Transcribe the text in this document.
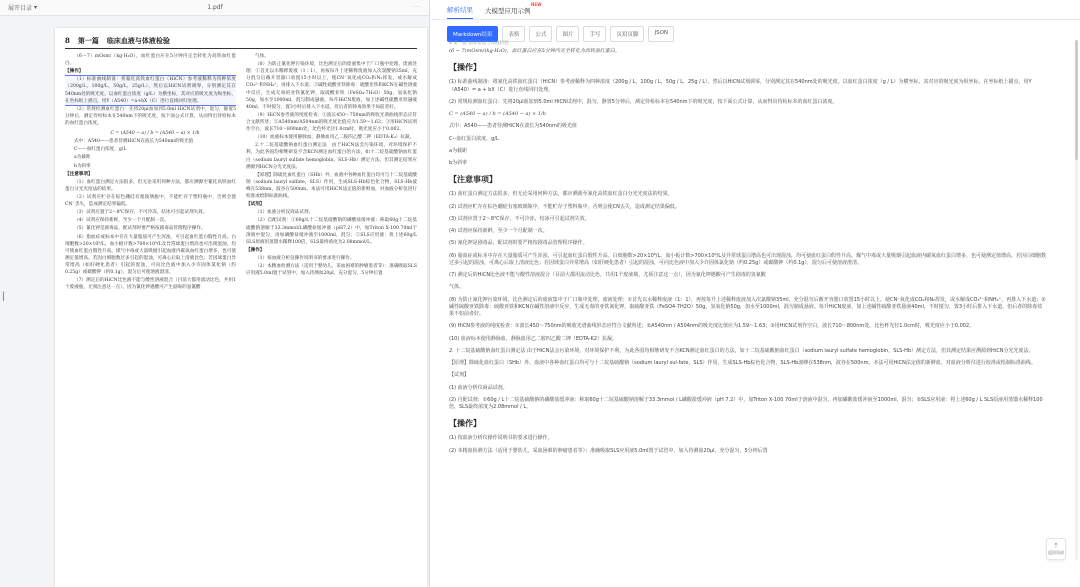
展开目录 ▾	1.pdf	···
▏
8 第一篇 临床血液与体液检验

（6～7）mOsm/（kg·H₂O），血红蛋白应在5分钟内完全转化为高铁血红蛋白。

【操作】

（1）标准曲线制备：将氰化高铁血红蛋白（HiCN）参考液稀释为四种浓度（200g/L，100g/L，50g/L，25g/L），然后以HiCN试剂调零，分别测定其在540nm处的吸光度。以血红蛋白浓度（g/L）为横坐标，其对应的吸光度为纵坐标，在坐标纸上描点，用Y（A540）=a+bX（C）进行直线回归处理。

（2）常规检测血红蛋白：先将20μl血加到5.0ml HiCN试剂中，混匀，静置5分钟后，测定待检标本在540nm下的吸光度，按下面公式计算，从而得出待检标本的血红蛋白浓度。

C = (A540 − a) / b = (A540 − a) × 1/b

式中：A540——患者待测HiCN在波长为540nm的吸光值

C——血红蛋白浓度，g/L

a为截距

b为斜率

【注意事项】

（1）血红蛋白测定方法很多，但无论采用何种方法，都应溯源至氰化高铁血红蛋白分光光度法的结果。

（2）试剂应贮存在棕色硼硅有塞玻璃瓶中，不能贮存于塑料瓶中，否则会使CN⁻丢失，造成测定结果偏低。

（3）试剂应置于2～8℃保存，不可冷冻，结冰可引起试剂失效。

（4）试剂应保持新鲜，至少一个月配制一次。

（5）氰化钾是剧毒品，配试剂时要严格按剧毒品管理程序操作。

（6）脂血症或标本中存在大量脂质可产生浑浊，可引起血红蛋白假性升高。白细胞数>20×10⁹/L、血小板计数>700×10⁹/L及异常球蛋白增高也可出现混浊，均可使血红蛋白假性升高。煤气中毒或大量吸烟引起血液内碳氧血红蛋白增多，也可使测定值增高。若因白细胞数过多引起的混浊，可离心后取上清液比色；若因球蛋白异常增高（如肝硬化患者）引起的混浊，可向比色液中加入少许固体氯化钠（约0.25g）或碳酸钾（约0.1g），混匀后可使溶液澄清。

（7）测定后的HiCN比色液不能与酸性溶液混合（目前大都用流动比色，共用1个废液瓶，尤须注意这一点），因为氰化钾遇酸可产生剧毒的氢氰酸

气体。

（8）为防止氰化钾污染环境，比色测定后的废液集中于广口瓶中处理。废液处理：①首先以水稀释废液（1∶1），再按每升上述稀释废液加入次氯酸钠35ml，充分混匀后敞开容器口放置15小时以上，使CN⁻氧化成CO₂和N₂挥发，或水解成CO₃²⁻和NH₄⁺，再排入下水道；②碱性硫酸亚铁除毒：硫酸亚铁和KCN在碱性溶液中反应，生成无毒的亚铁氰化钾，取硫酸亚铁（FeSO₄·7H₂O）50g，氢氧化钠50g，加水至1000ml，混匀制成悬液。每升HiCN废液，加上述碱性硫酸亚铁悬液40ml，不时搅匀，置3小时后排入下水道。但后者的除毒效果不如前者好。

（9）HiCN参考液的纯度检查：①波长450～750nm的吸收光谱曲线形态应符合文献所述；②A540nm/A504nm的吸光度比值应为1.59～1.63；③用HiCN试剂作空白，波长710～800nm处，比色杯光径1.0cm时，吸光度应小于0.002。

（10）血液标本使用静脉血，静脉血用乙二胺四乙酸二钾（EDTA-K₂）抗凝。

2.十二烷基硫酸钠血红蛋白测定法　由于HiCN法会污染环境，对环境保护不利，为此各国均相继研发不含KCN测定血红蛋白的方法，如十二烷基硫酸钠血红蛋白（sodium lauryl sulfate hemoglobin，SLS-Hb）测定方法，但其测定结果应溯源到HiCN分光光度法。

【原理】除硫化血红蛋白（SHb）外，血液中各种血红蛋白均可与十二烷基硫酸钠（sodium lauryl sulfate，SLS）作用，生成SLS-Hb棕色化合物，SLS-Hb波峰在538nm，波谷在500nm。本法可用HiCN法定值的新鲜血，对血液分析仪进行校准或绘制标准曲线。

【试剂】

（1）血液分析仪商品试剂。

（2）自配试剂：①60g/L十二烷基硫酸钠的磷酸盐缓冲液：称取60g十二烷基硫酸钠溶解于33.3mmol/L磷酸盐缓冲液（pH7.2）中，加Triton X-100 70ml于溶液中混匀，再加磷酸盐缓冲液至1000ml，混匀；②SLS应用液：将上述60g/L SLS原液用蒸馏水稀释100倍，SLS最终浓度为2.08mmol/L。

【操作】

（1）按血液分析仪操作说明书的要求进行操作。

（2）本精血检测方法（适用于婴幼儿、采血困难的肿瘤患者等）：准确吸取SLS应用液5.0ml置于试管中，加入待测血20μl，充分混匀，5分钟后置

解析结果 大模型应用示例
NEW
Markdown结果	表格	公式	图片	手写	页眉页脚	JSON
8 第一篇 临床血液与体液检验

(6 ∼ 7)mOsm/(kg·H₂O)，血红蛋白应在5分钟内完全转化为高铁血红蛋白。

【操作】

(1) 标准曲线制备：将氰化高铁血红蛋白（HiCN）参考液稀释为四种浓度（200g / L，100g / L，50g / L，25g / L），然后以HiCN试剂调零，分别测定其在540nm处的吸光度。以血红蛋白浓度（g / L）为横坐标，其对应的吸光度为纵坐标，在坐标纸上描点，用Y（A540）= a + bX（C）进行直线回归处理。

(2) 常规检测血红蛋白：先将20μl血加到5.0ml HiCN试剂中，混匀，静置5分钟后，测定待检标本在540nm下的吸光度，按下面公式计算，从而得出待检标本的血红蛋白浓度。

C = (A540 − a) / b = (A540 − a) × 1/b

式中：A540——患者待测HiCN在波长为540nm的吸光值

C--血红蛋白浓度，g/L

a为截距

b为斜率

【注意事项】

(1) 血红蛋白测定方法很多，但无论采用何种方法，都应溯源至氰化高铁血红蛋白分光光度法的结果。

(2) 试剂应贮存在棕色硼硅有塞玻璃瓶中，不能贮存于塑料瓶中，否则会使CN丢失，造成测定结果偏低。

(3) 试剂应置于2～8℃保存，不可冷冻，结冰可引起试剂失效。

(4) 试剂应保持新鲜，至少一个月配制一次。

(5) 氰化钾是剧毒品，配试剂时要严格按剧毒品管理程序操作。

(6) 脂血症或标本中存在大量脂质可产生浑浊，可引起血红蛋白假性升高。白细胞数>20×10⁹/L、血小板计数>700×10⁹/L及异常球蛋白增高也可出现混浊，均可使血红蛋白假性升高。煤气中毒或大量吸烟引起血液内碳氧血红蛋白增多，也可使测定值增高。若因白细胞数过多引起的混浊，可离心后取上清液比色；若因球蛋白异常增高（如肝硬化患者）引起的混浊，可向比色液中加入少许固体氯化钠（约0.25g）或碳酸钾（约0.1g），混匀后可使溶液澄清。

(7) 测定后的HiCN比色液不能与酸性溶液混合（目前大都用流动比色，共用1个废液瓶，尤须注意这一点），因为氰化钾遇酸可产生剧毒的氢氰酸

气体。

(8) 为防止氰化钾污染环境，比色测定后的废液集中于广口瓶中处理。废液处理：①首先以水稀释废液（1：1），再按每升上述稀释废液加入次氯酸钠35ml，充分混匀后敞开容器口放置15小时以上，使CN⁻氧化成CO₂和N₂挥发，或水解成CO₃²⁻和NH₄⁺，再排入下水道；②碱性硫酸亚铁除毒：硫酸亚铁和KCN在碱性溶液中反应，生成无毒的亚铁氰化钾，取硫酸亚铁（FeSO4·7H2O）50g，氢氧化钠50g，加水至1000ml，混匀制成悬液。每升HiCN废液，加上述碱性硫酸亚铁悬液40ml，不时搅匀，置3小时后排入下水道。但后者的除毒效果不如前者好。

(9) HiCN参考液的纯度检查：①波长450～750nm的吸收光谱曲线形态应符合文献所述；②A540nm / A504nm的吸光度比值应为1.59～1.63；③用HiCN试剂作空白，波长710～800nm处，比色杯光径1.0cm时，吸光度应小于0.002。

(10) 血液标本使用静脉血，静脉血用乙二胺四乙酸二钾（EDTA-K2）抗凝。

2. 十二烷基硫酸钠血红蛋白测定法 由于HiCN法会污染环境，对环境保护不利，为此各国均相继研发不含KCN测定血红蛋白的方法，如十二烷基硫酸钠血红蛋白（sodium lauryl sulfate hemoglobin，SLS-Hb）测定方法，但其测定结果应溯源到HiCN分光光度法。

【原理】除硫化血红蛋白（SHb）外，血液中各种血红蛋白均可与十二烷基硫酸钠（sodium lauryl sul-fate，SLS）作用，生成SLS-Hb棕色化合物，SLS-Hb波峰在538nm，波谷在500nm。本法可用HiCN法定值的新鲜血，对血液分析仪进行校准或绘制标准曲线。

【试剂】

(1) 血液分析仪商品试剂。

(2) 自配试剂：①60g / L十二烷基硫酸钠的磷酸盐缓冲液：称取60g十二烷基硫酸钠溶解于33.3mmol / L磷酸盐缓冲液（pH 7.2）中，加Triton X-100 70ml于溶液中混匀，再加磷酸盐缓冲液至1000ml，混匀；②SLS应用液：将上述60g / L SLS原液用蒸馏水稀释100倍，SLS最终浓度为2.08mmol / L。

【操作】

(1) 按血液分析仪操作说明书的要求进行操作。

(2) 本精血检测方法（适用于婴幼儿、采血困难的肿瘤患者等）：准确吸取SLS应用液5.0ml置于试管中，加入待测血20μl，充分混匀，5分钟后置

⇡
返回顶部
